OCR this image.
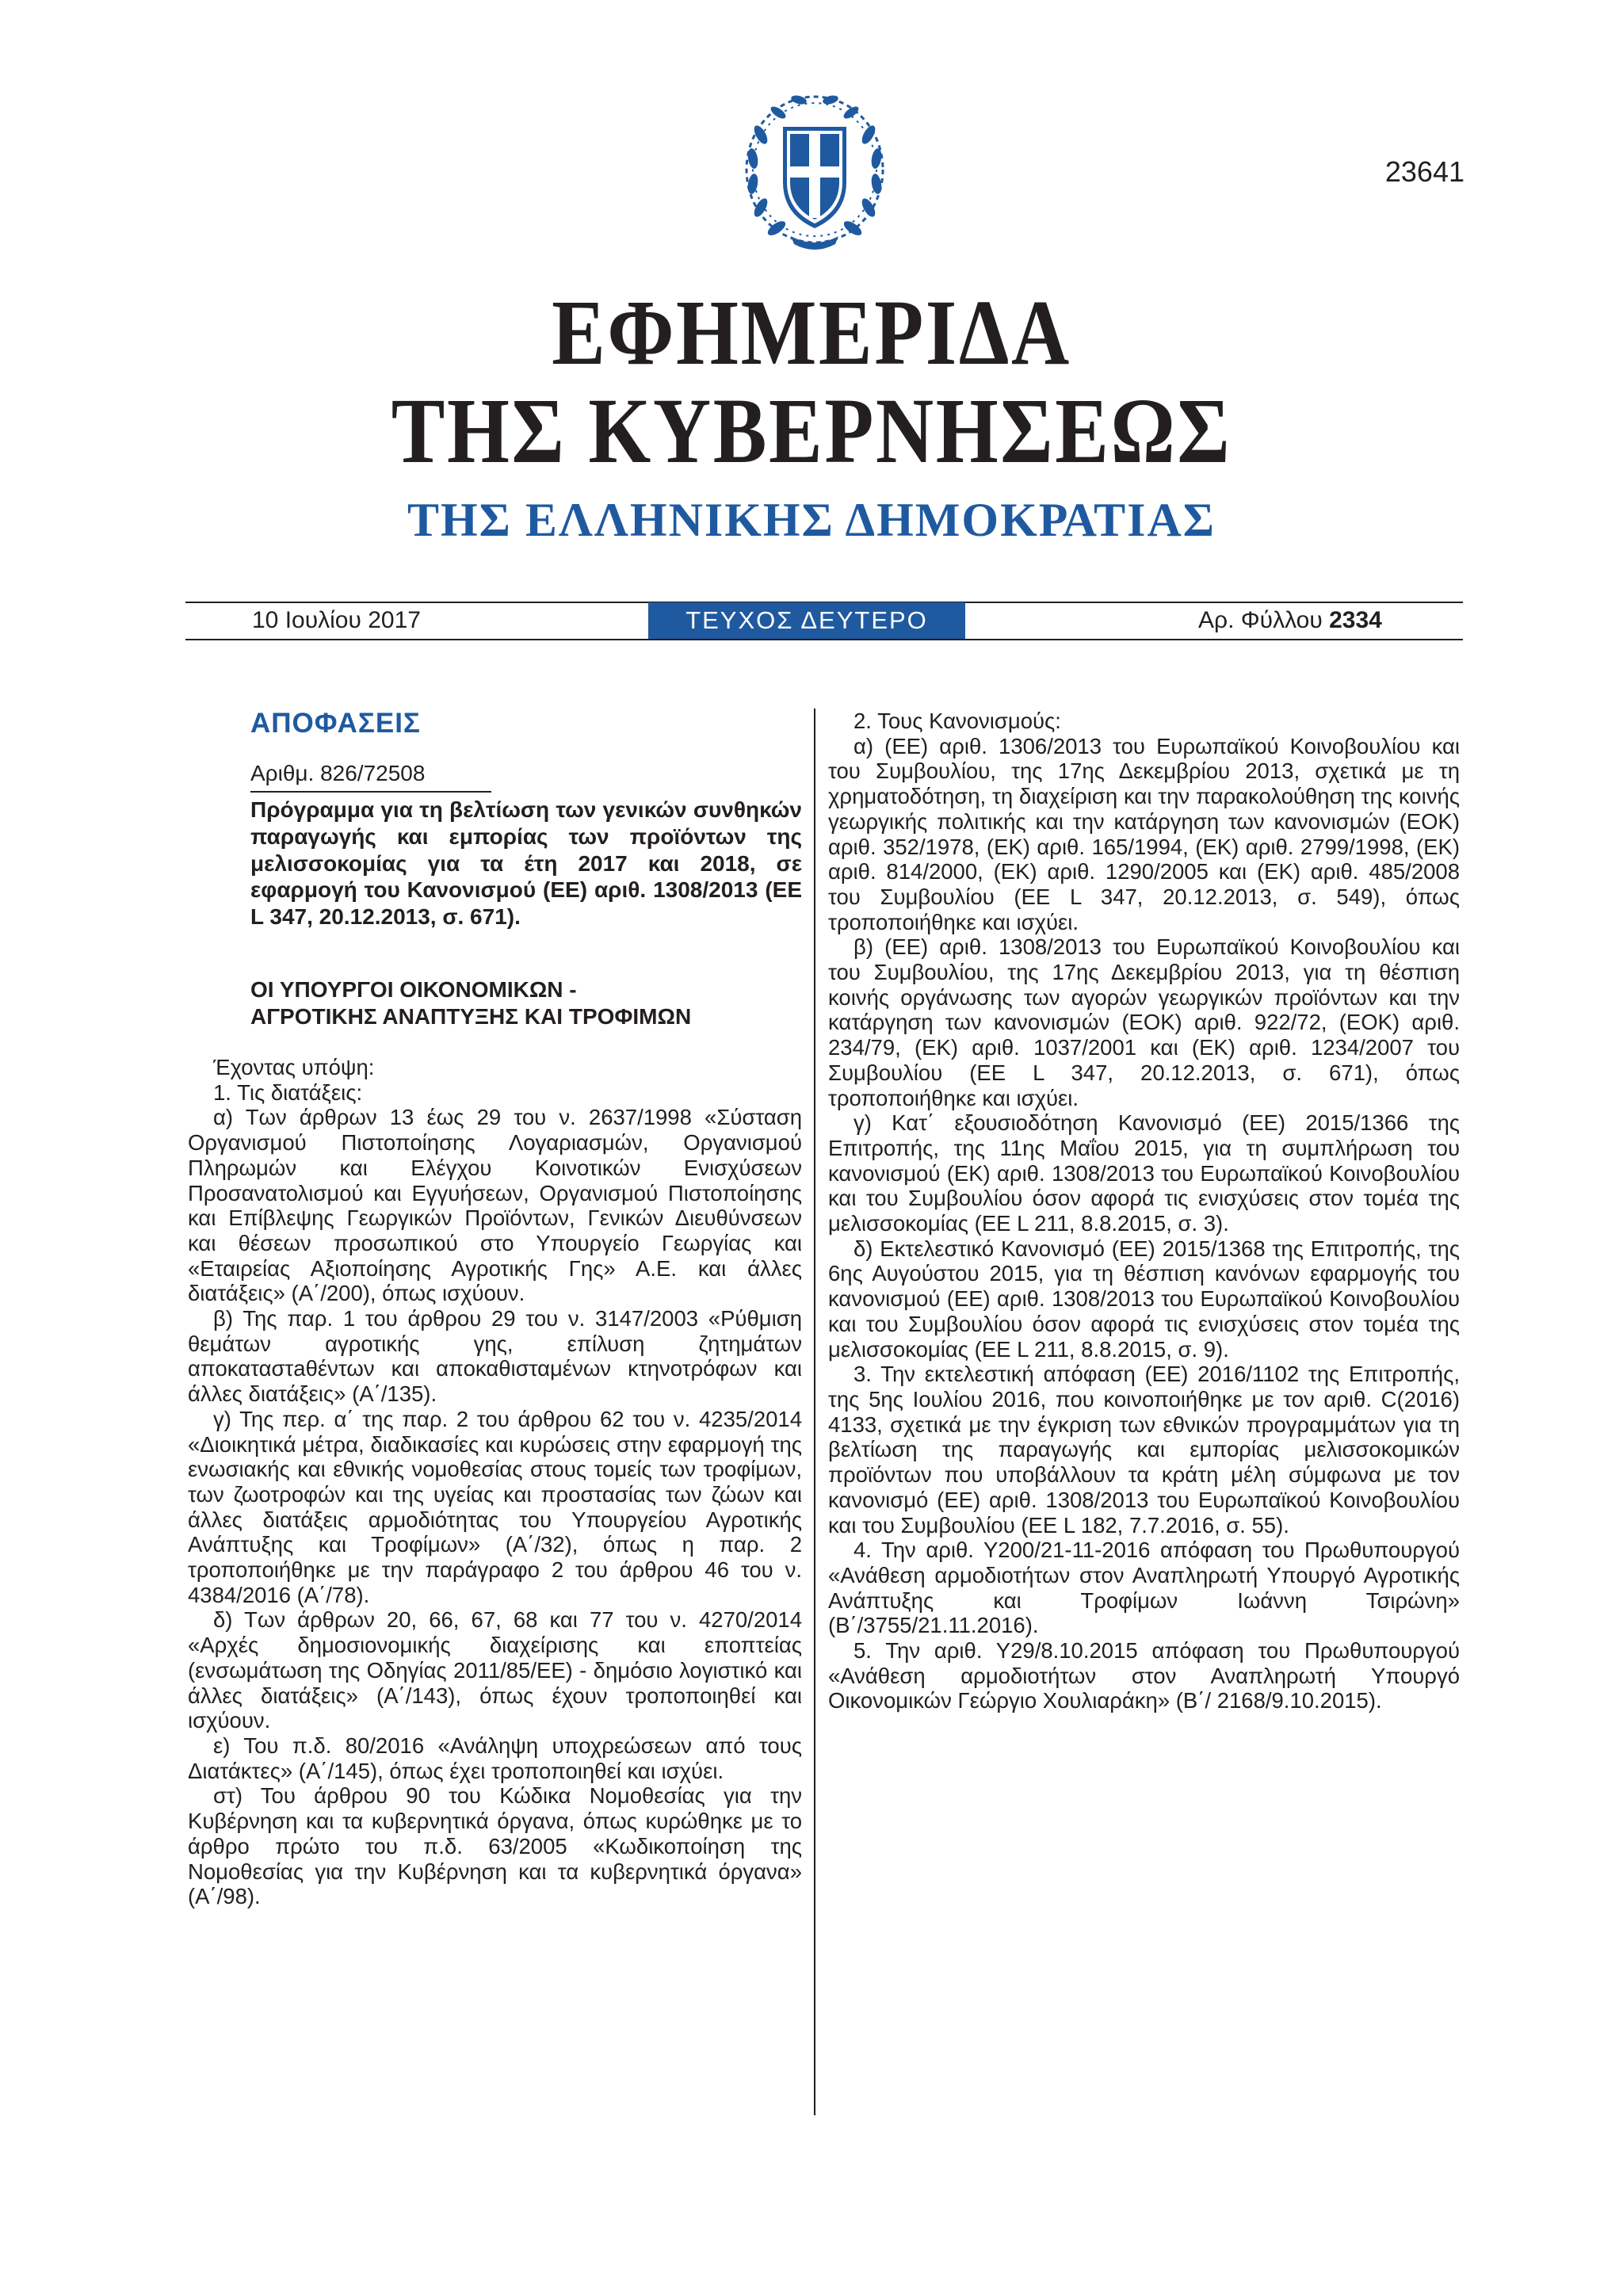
23641
ΕΦΗΜΕΡΙΔΑ
ΤΗΣ ΚΥΒΕΡΝΗΣΕΩΣ
ΤΗΣ ΕΛΛΗΝΙΚΗΣ ΔΗΜΟΚΡΑΤΙΑΣ
10 Ιουλίου 2017	ΤΕΥΧΟΣ ΔΕΥΤΕΡΟ	Αρ. Φύλλου 2334
ΑΠΟΦΑΣΕΙΣ
Αριθμ. 826/72508
Πρόγραμμα για τη βελτίωση των γενικών συνθηκών παραγωγής και εμπορίας των προϊόντων της μελισσοκομίας για τα έτη 2017 και 2018, σε εφαρμογή του Κανονισμού (ΕΕ) αριθ. 1308/2013 (ΕΕ L 347, 20.12.2013, σ. 671).
ΟΙ ΥΠΟΥΡΓΟΙ ΟΙΚΟΝΟΜΙΚΩΝ -
ΑΓΡΟΤΙΚΗΣ ΑΝΑΠΤΥΞΗΣ ΚΑΙ ΤΡΟΦΙΜΩΝ

Έχοντας υπόψη:

1. Τις διατάξεις:

α) Των άρθρων 13 έως 29 του ν. 2637/1998 «Σύσταση Οργανισμού Πιστοποίησης Λογαριασμών, Οργανισμού Πληρωμών και Ελέγχου Κοινοτικών Ενισχύσεων Προσανατολισμού και Εγγυήσεων, Οργανισμού Πιστοποίησης και Επίβλεψης Γεωργικών Προϊόντων, Γενικών Διευθύνσεων και θέσεων προσωπικού στο Υπουργείο Γεωργίας και «Εταιρείας Αξιοποίησης Αγροτικής Γης» Α.Ε. και άλλες διατάξεις» (Α΄/200), όπως ισχύουν.

β) Της παρ. 1 του άρθρου 29 του ν. 3147/2003 «Ρύθμιση θεμάτων αγροτικής γης, επίλυση ζητημάτων αποκαταστaθέντων και αποκαθισταμένων κτηνοτρόφων και άλλες διατάξεις» (Α΄/135).

γ) Της περ. α΄ της παρ. 2 του άρθρου 62 του ν. 4235/2014 «Διοικητικά μέτρα, διαδικασίες και κυρώσεις στην εφαρμογή της ενωσιακής και εθνικής νομοθεσίας στους τομείς των τροφίμων, των ζωοτροφών και της υγείας και προστασίας των ζώων και άλλες διατάξεις αρμοδιότητας του Υπουργείου Αγροτικής Ανάπτυξης και Τροφίμων» (Α΄/32), όπως η παρ. 2 τροποποιήθηκε με την παράγραφο 2 του άρθρου 46 του ν. 4384/2016 (Α΄/78).

δ) Των άρθρων 20, 66, 67, 68 και 77 του ν. 4270/2014 «Αρχές δημοσιονομικής διαχείρισης και εποπτείας (ενσωμάτωση της Οδηγίας 2011/85/ΕΕ) - δημόσιο λογιστικό και άλλες διατάξεις» (Α΄/143), όπως έχουν τροποποιηθεί και ισχύουν.

ε) Του π.δ. 80/2016 «Ανάληψη υποχρεώσεων από τους Διατάκτες» (Α΄/145), όπως έχει τροποποιηθεί και ισχύει.

στ) Του άρθρου 90 του Κώδικα Νομοθεσίας για την Κυβέρνηση και τα κυβερνητικά όργανα, όπως κυρώθηκε με το άρθρο πρώτο του π.δ. 63/2005 «Κωδικοποίηση της Νομοθεσίας για την Κυβέρνηση και τα κυβερνητικά όργανα» (Α΄/98).

2. Τους Κανονισμούς:

α) (ΕΕ) αριθ. 1306/2013 του Ευρωπαϊκού Κοινοβουλίου και του Συμβουλίου, της 17ης Δεκεμβρίου 2013, σχετικά με τη χρηματοδότηση, τη διαχείριση και την παρακολούθηση της κοινής γεωργικής πολιτικής και την κατάργηση των κανονισμών (ΕΟΚ) αριθ. 352/1978, (ΕΚ) αριθ. 165/1994, (ΕΚ) αριθ. 2799/1998, (ΕΚ) αριθ. 814/2000, (ΕΚ) αριθ. 1290/2005 και (ΕΚ) αριθ. 485/2008 του Συμβουλίου (ΕΕ L 347, 20.12.2013, σ. 549), όπως τροποποιήθηκε και ισχύει.

β) (ΕΕ) αριθ. 1308/2013 του Ευρωπαϊκού Κοινοβουλίου και του Συμβουλίου, της 17ης Δεκεμβρίου 2013, για τη θέσπιση κοινής οργάνωσης των αγορών γεωργικών προϊόντων και την κατάργηση των κανονισμών (ΕΟΚ) αριθ. 922/72, (ΕΟΚ) αριθ. 234/79, (ΕΚ) αριθ. 1037/2001 και (ΕΚ) αριθ. 1234/2007 του Συμβουλίου (ΕΕ L 347, 20.12.2013, σ. 671), όπως τροποποιήθηκε και ισχύει.

γ) Κατ΄ εξουσιοδότηση Κανονισμό (ΕΕ) 2015/1366 της Επιτροπής, της 11ης Μαΐου 2015, για τη συμπλήρωση του κανονισμού (ΕΚ) αριθ. 1308/2013 του Ευρωπαϊκού Κοινοβουλίου και του Συμβουλίου όσον αφορά τις ενισχύσεις στον τομέα της μελισσοκομίας (ΕΕ L 211, 8.8.2015, σ. 3).

δ) Εκτελεστικό Κανονισμό (ΕΕ) 2015/1368 της Επιτροπής, της 6ης Αυγούστου 2015, για τη θέσπιση κανόνων εφαρμογής του κανονισμού (ΕΕ) αριθ. 1308/2013 του Ευρωπαϊκού Κοινοβουλίου και του Συμβουλίου όσον αφορά τις ενισχύσεις στον τομέα της μελισσοκομίας (ΕΕ L 211, 8.8.2015, σ. 9).

3. Την εκτελεστική απόφαση (ΕΕ) 2016/1102 της Επιτροπής, της 5ης Ιουλίου 2016, που κοινοποιήθηκε με τον αριθ. C(2016) 4133, σχετικά με την έγκριση των εθνικών προγραμμάτων για τη βελτίωση της παραγωγής και εμπορίας μελισσοκομικών προϊόντων που υποβάλλουν τα κράτη μέλη σύμφωνα με τον κανονισμό (ΕΕ) αριθ. 1308/2013 του Ευρωπαϊκού Κοινοβουλίου και του Συμβουλίου (ΕΕ L 182, 7.7.2016, σ. 55).

4. Την αριθ. Υ200/21-11-2016 απόφαση του Πρωθυπουργού «Ανάθεση αρμοδιοτήτων στον Αναπληρωτή Υπουργό Αγροτικής Ανάπτυξης και Τροφίμων Ιωάννη Τσιρώνη» (Β΄/3755/21.11.2016).

5. Την αριθ. Υ29/8.10.2015 απόφαση του Πρωθυπουργού «Ανάθεση αρμοδιοτήτων στον Αναπληρωτή Υπουργό Οικονομικών Γεώργιο Χουλιαράκη» (Β΄/ 2168/9.10.2015).
